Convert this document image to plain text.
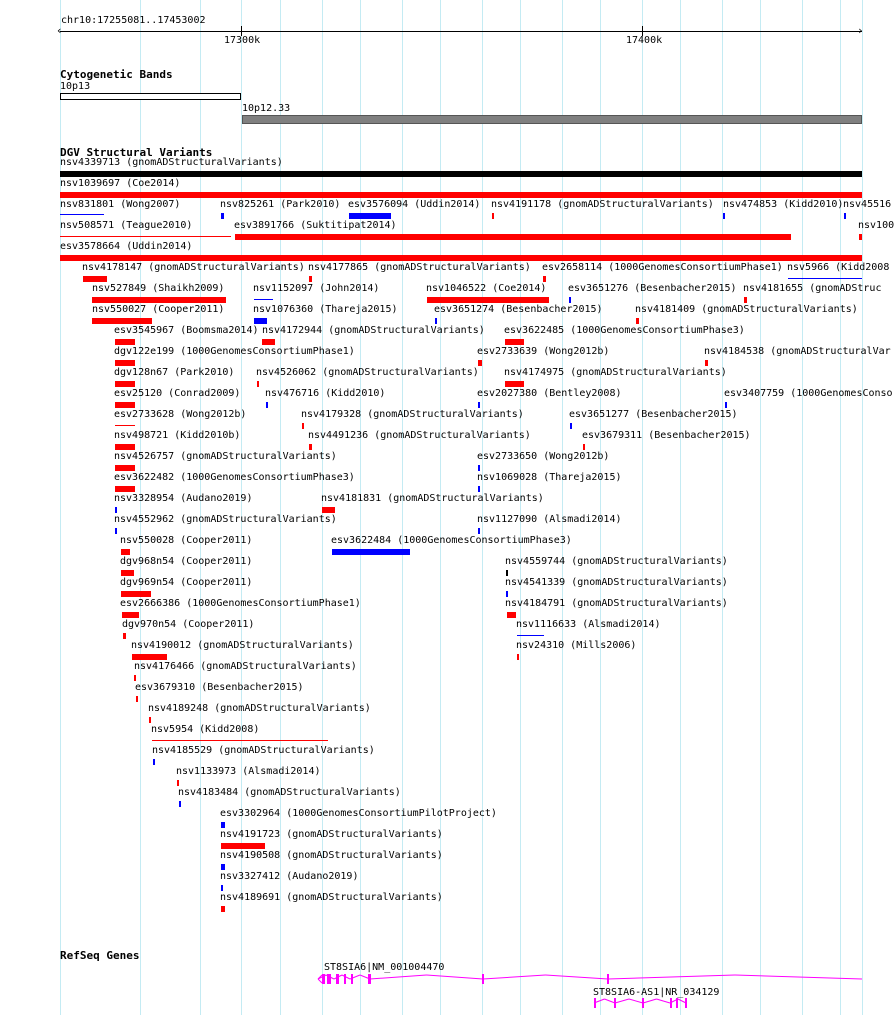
chr10:17255081..17453002
‹	›
17300k	17400k
Cytogenetic Bands
10p13
10p12.33
DGV Structural Variants
nsv4339713 (gnomADStructuralVariants)
nsv1039697 (Coe2014)
nsv831801 (Wong2007)	nsv825261 (Park2010) esv3576094 (Uddin2014) nsv4191178 (gnomADStructuralVariants) nsv474853 (Kidd2010) nsv45516
nsv508571 (Teague2010)	esv3891766 (Suktitipat2014)	nsv100
esv3578664 (Uddin2014)
nsv4178147 (gnomADStructuralVariants) nsv4177865 (gnomADStructuralVariants) esv2658114 (1000GenomesConsortiumPhase1) nsv5966 (Kidd2008
nsv527849 (Shaikh2009)	nsv1152097 (John2014)	nsv1046522 (Coe2014) esv3651276 (Besenbacher2015) nsv4181655 (gnomADStruc
nsv550027 (Cooper2011)	nsv1076360 (Thareja2015)	esv3651274 (Besenbacher2015)	nsv4181409 (gnomADStructuralVariants)
esv3545967 (Boomsma2014) nsv4172944 (gnomADStructuralVariants) esv3622485 (1000GenomesConsortiumPhase3)
dgv122e199 (1000GenomesConsortiumPhase1)	esv2733639 (Wong2012b)	nsv4184538 (gnomADStructuralVar
dgv128n67 (Park2010) nsv4526062 (gnomADStructuralVariants)	nsv4174975 (gnomADStructuralVariants)
esv25120 (Conrad2009) nsv476716 (Kidd2010)	esv2027380 (Bentley2008)	esv3407759 (1000GenomesConso
esv2733628 (Wong2012b)	nsv4179328 (gnomADStructuralVariants)	esv3651277 (Besenbacher2015)
nsv498721 (Kidd2010b)	nsv4491236 (gnomADStructuralVariants)	esv3679311 (Besenbacher2015)
nsv4526757 (gnomADStructuralVariants)	esv2733650 (Wong2012b)
esv3622482 (1000GenomesConsortiumPhase3)	nsv1069028 (Thareja2015)
nsv3328954 (Audano2019)	nsv4181831 (gnomADStructuralVariants)
nsv4552962 (gnomADStructuralVariants)	nsv1127090 (Alsmadi2014)
nsv550028 (Cooper2011)	esv3622484 (1000GenomesConsortiumPhase3)
dgv968n54 (Cooper2011)	nsv4559744 (gnomADStructuralVariants)
dgv969n54 (Cooper2011)	nsv4541339 (gnomADStructuralVariants)
esv2666386 (1000GenomesConsortiumPhase1)	nsv4184791 (gnomADStructuralVariants)
dgv970n54 (Cooper2011)	nsv1116633 (Alsmadi2014)
nsv4190012 (gnomADStructuralVariants)	nsv24310 (Mills2006)
nsv4176466 (gnomADStructuralVariants)
esv3679310 (Besenbacher2015)
nsv4189248 (gnomADStructuralVariants)
nsv5954 (Kidd2008)
nsv4185529 (gnomADStructuralVariants)
nsv1133973 (Alsmadi2014)
nsv4183484 (gnomADStructuralVariants)
esv3302964 (1000GenomesConsortiumPilotProject)
nsv4191723 (gnomADStructuralVariants)
nsv4190508 (gnomADStructuralVariants)
nsv3327412 (Audano2019)
nsv4189691 (gnomADStructuralVariants)
RefSeq Genes
ST8SIA6|NM_001004470
ST8SIA6-AS1|NR_034129
